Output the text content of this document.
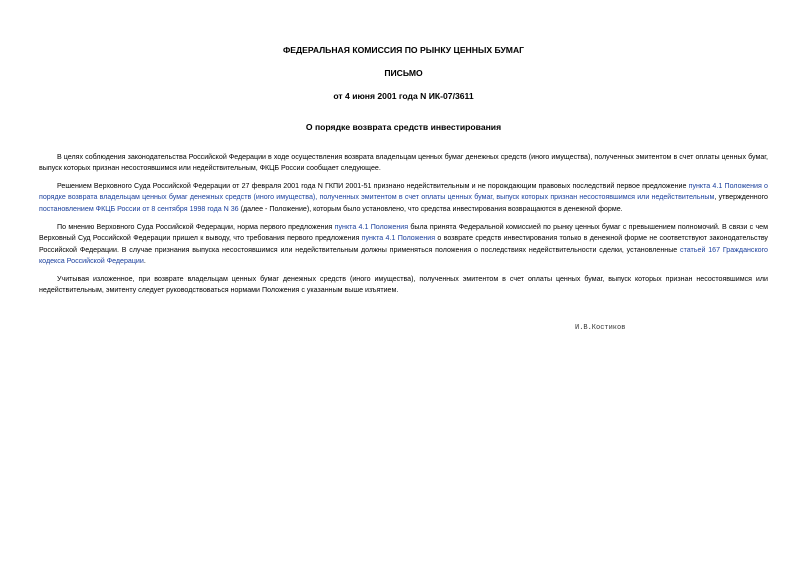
ФЕДЕРАЛЬНАЯ КОМИССИЯ ПО РЫНКУ ЦЕННЫХ БУМАГ
ПИСЬМО
от 4 июня 2001 года N ИК-07/3611
О порядке возврата средств инвестирования

В целях соблюдения законодательства Российской Федерации в ходе осуществления возврата владельцам ценных бумаг денежных средств (иного имущества), полученных эмитентом в счет оплаты ценных бумаг, выпуск которых признан несостоявшимся или недействительным, ФКЦБ России сообщает следующее.

Решением Верховного Суда Российской Федерации от 27 февраля 2001 года N ГКПИ 2001-51 признано недействительным и не порождающим правовых последствий первое предложение пункта 4.1 Положения о порядке возврата владельцам ценных бумаг денежных средств (иного имущества), полученных эмитентом в счет оплаты ценных бумаг, выпуск которых признан несостоявшимся или недействительным, утвержденного постановлением ФКЦБ России от 8 сентября 1998 года N 36 (далее - Положение), которым было установлено, что средства инвестирования возвращаются в денежной форме.

По мнению Верховного Суда Российской Федерации, норма первого предложения пункта 4.1 Положения была принята Федеральной комиссией по рынку ценных бумаг с превышением полномочий. В связи с чем Верховный Суд Российской Федерации пришел к выводу, что требования первого предложения пункта 4.1 Положения о возврате средств инвестирования только в денежной форме не соответствуют законодательству Российской Федерации. В случае признания выпуска несостоявшимся или недействительным должны применяться положения о последствиях недействительности сделки, установленные статьей 167 Гражданского кодекса Российской Федерации.

Учитывая изложенное, при возврате владельцам ценных бумаг денежных средств (иного имущества), полученных эмитентом в счет оплаты ценных бумаг, выпуск которых признан несостоявшимся или недействительным, эмитенту следует руководствоваться нормами Положения с указанным выше изъятием.

И.В.Костиков
